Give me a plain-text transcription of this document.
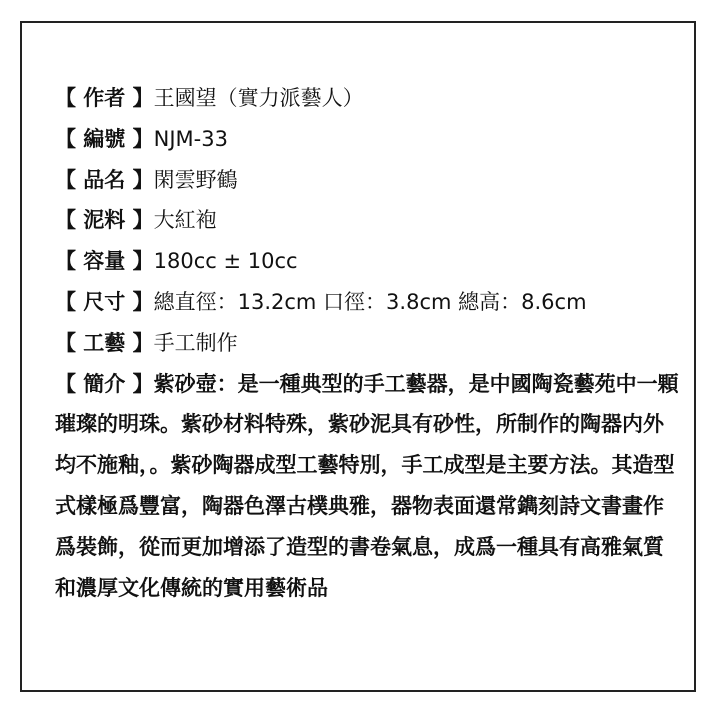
【 作者 】 王國望（實力派藝人）
【 編號 】 NJM-33
【 品名 】 閑雲野鶴
【 泥料 】 大紅袍
【 容量 】 180cc ± 10cc
【 尺寸 】 總直徑：13.2cm 口徑：3.8cm 總高：8.6cm
【 工藝 】 手工制作
【 簡介 】紫砂壺：是一種典型的手工藝器，是中國陶瓷藝苑中一顆璀璨的明珠。紫砂材料特殊，紫砂泥具有砂性，所制作的陶器内外均不施釉，。紫砂陶器成型工藝特別，手工成型是主要方法。其造型式樣極爲豐富，陶器色澤古樸典雅，器物表面還常鐫刻詩文書畫作爲裝飾，從而更加增添了造型的書卷氣息，成爲一種具有高雅氣質和濃厚文化傳統的實用藝術品
